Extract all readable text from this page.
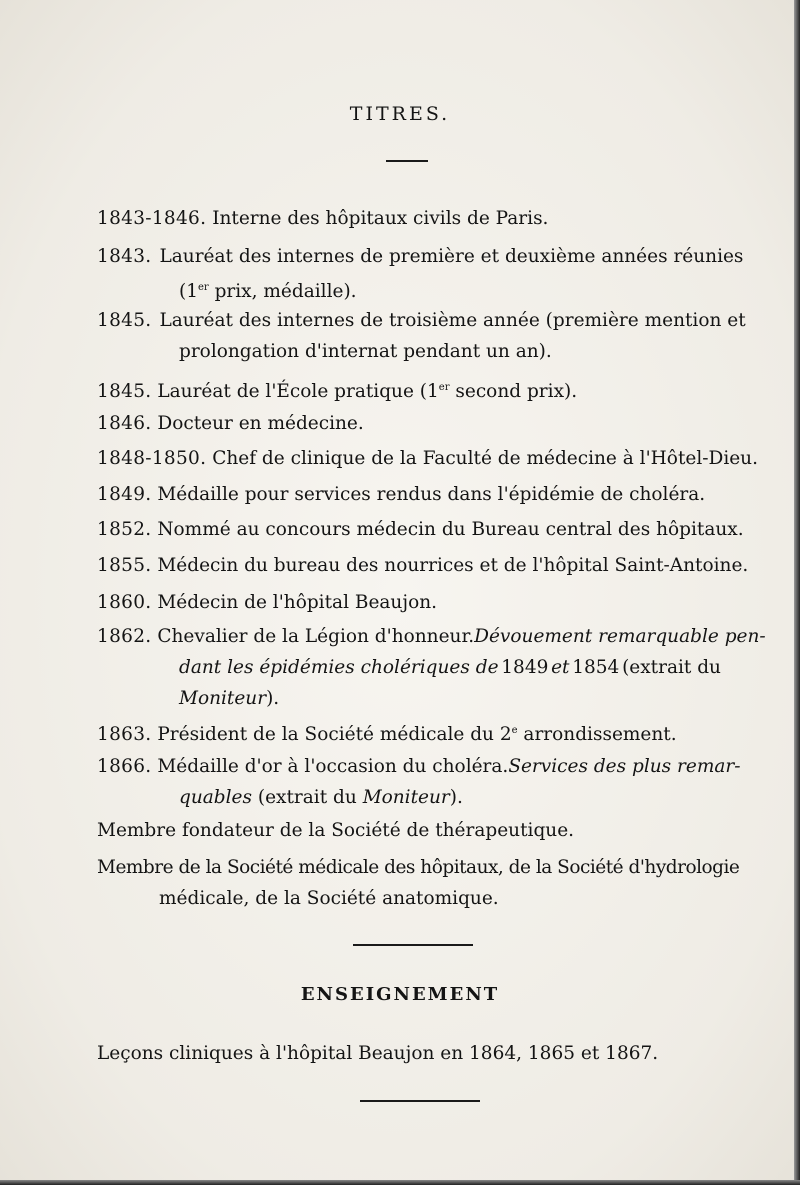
TITRES.
1843-1846. Interne des hôpitaux civils de Paris.
1843. Lauréat des internes de première et deuxième années réunies
(1er prix, médaille).
1845. Lauréat des internes de troisième année (première mention et
prolongation d'internat pendant un an).
1845. Lauréat de l'École pratique (1er second prix).
1846. Docteur en médecine.
1848-1850. Chef de clinique de la Faculté de médecine à l'Hôtel-Dieu.
1849. Médaille pour services rendus dans l'épidémie de choléra.
1852. Nommé au concours médecin du Bureau central des hôpitaux.
1855. Médecin du bureau des nourrices et de l'hôpital Saint-Antoine.
1860. Médecin de l'hôpital Beaujon.
1862. Chevalier de la Légion d'honneur. Dévouement remarquable pen-
dant les épidémies cholériques de 1849 et 1854 (extrait du
Moniteur).
1863. Président de la Société médicale du 2e arrondissement.
1866. Médaille d'or à l'occasion du choléra. Services des plus remar-
quables (extrait du Moniteur).
Membre fondateur de la Société de thérapeutique.
Membre de la Société médicale des hôpitaux, de la Société d'hydrologie
médicale, de la Société anatomique.
ENSEIGNEMENT
Leçons cliniques à l'hôpital Beaujon en 1864, 1865 et 1867.
